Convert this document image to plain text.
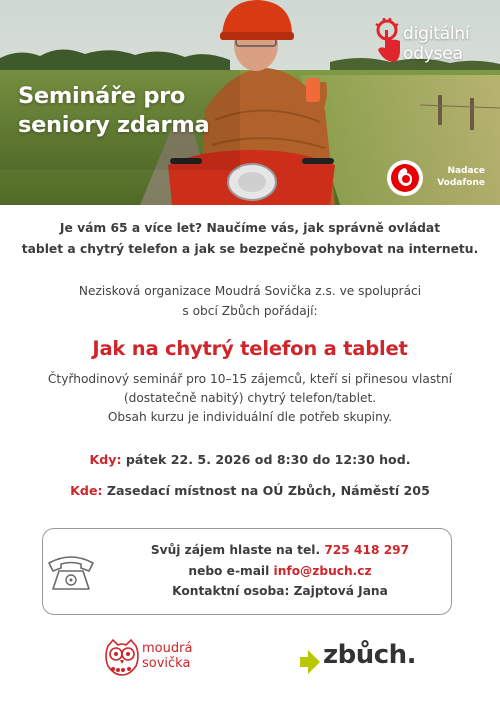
Semináře pro
seniory zdarma
digitální
odysea
Nadace
Vodafone
Je vám 65 a více let? Naučíme vás, jak správně ovládat
tablet a chytrý telefon a jak se bezpečně pohybovat na internetu.
Nezisková organizace Moudrá Sovička z.s. ve spolupráci
s obcí Zbůch pořádají:
Jak na chytrý telefon a tablet
Čtyřhodinový seminář pro 10–15 zájemců, kteří si přinesou vlastní
(dostatečně nabitý) chytrý telefon/tablet.
Obsah kurzu je individuální dle potřeb skupiny.
Kdy: pátek 22. 5. 2026 od 8:30 do 12:30 hod.
Kde: Zasedací místnost na OÚ Zbůch, Náměstí 205
Svůj zájem hlaste na tel. 725 418 297
nebo e-mail info@zbuch.cz
Kontaktní osoba: Zajptová Jana
moudrá
sovička	zbůch.
